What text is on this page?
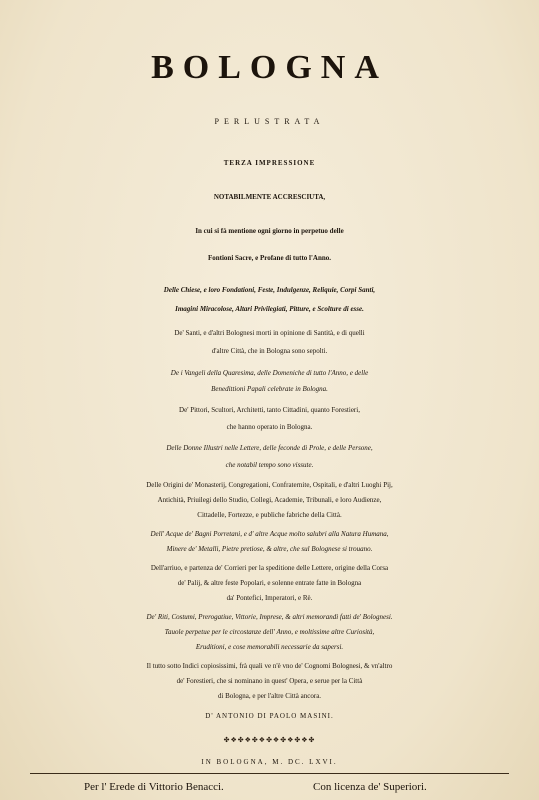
BOLOGNA
PERLUSTRATA
TERZA IMPRESSIONE
NOTABILMENTE ACCRESCIUTA,
In cui si fà mentione ogni giorno in perpetuo delle
Fontioni Sacre, e Profane di tutto l'Anno.
Delle Chiese, e loro Fondationi, Feste, Indulgenze, Reliquie, Corpi Santi,
Imagini Miracolose, Altari Privilegiati, Pitture, e Scolture di esse.
De' Santi, e d'altri Bolognesi morti in opinione di Santità, e di quelli
d'altre Città, che in Bologna sono sepolti.
De i Vangeli della Quaresima, delle Domeniche di tutto l'Anno, e delle
Benedittioni Papali celebrate in Bologna.
De' Pittori, Scultori, Architetti, tanto Cittadini, quanto Forestieri,
che hanno operato in Bologna.
Delle Donne Illustri nelle Lettere, delle feconde di Prole, e delle Persone,
che notabil tempo sono vissute.
Delle Origini de' Monasterij, Congregationi, Confraternite, Ospitali, e d'altri Luoghi Pij,
Antichità, Priuilegi dello Studio, Collegi, Academie, Tribunali, e loro Audienze,
Cittadelle, Fortezze, e publiche fabriche della Città.
Dell' Acque de' Bagni Porretani, e d' altre Acque molto salubri alla Natura Humana,
Minere de' Metalli, Pietre pretiose, & altre, che sul Bolognese si trouano.
Dell'arriuo, e partenza de' Corrieri per la speditione delle Lettere, origine della Corsa
de' Palij, & altre feste Popolari, e solenne entrate fatte in Bologna
da' Pontefici, Imperatori, e Rè.
De' Riti, Costumi, Prerogatiue, Vittorie, Imprese, & altri memorandi fatti de' Bolognesi.
Tauole perpetue per le circostanze dell' Anno, e moltissime altre Curiosità,
Eruditioni, e cose memorabili necessarie da sapersi.
Il tutto sotto Indici copiosissimi, frà quali ve n'è vno de' Cognomi Bolognesi, & vn'altro
de' Forestieri, che si nominano in quest' Opera, e serue per la Città
di Bologna, e per l'altre Città ancora.
D' ANTONIO DI PAOLO MASINI.
✤❖✤❖✤❖✤❖✤❖✤❖✤
IN BOLOGNA, M. DC. LXVI.
Per l' Erede di Vittorio Benacci.	Con licenza de' Superiori.
